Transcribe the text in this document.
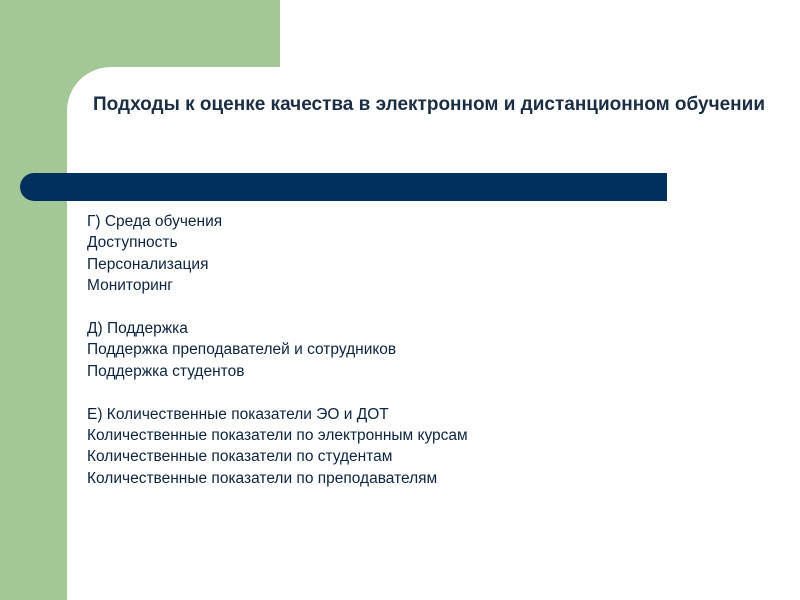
Подходы к оценке качества в электронном и дистанционном обучении
Г) Среда обучения
Доступность
Персонализация
Мониторинг
Д) Поддержка
Поддержка преподавателей и сотрудников
Поддержка студентов
Е) Количественные показатели ЭО и ДОТ
Количественные показатели по электронным курсам
Количественные показатели по студентам
Количественные показатели по преподавателям
